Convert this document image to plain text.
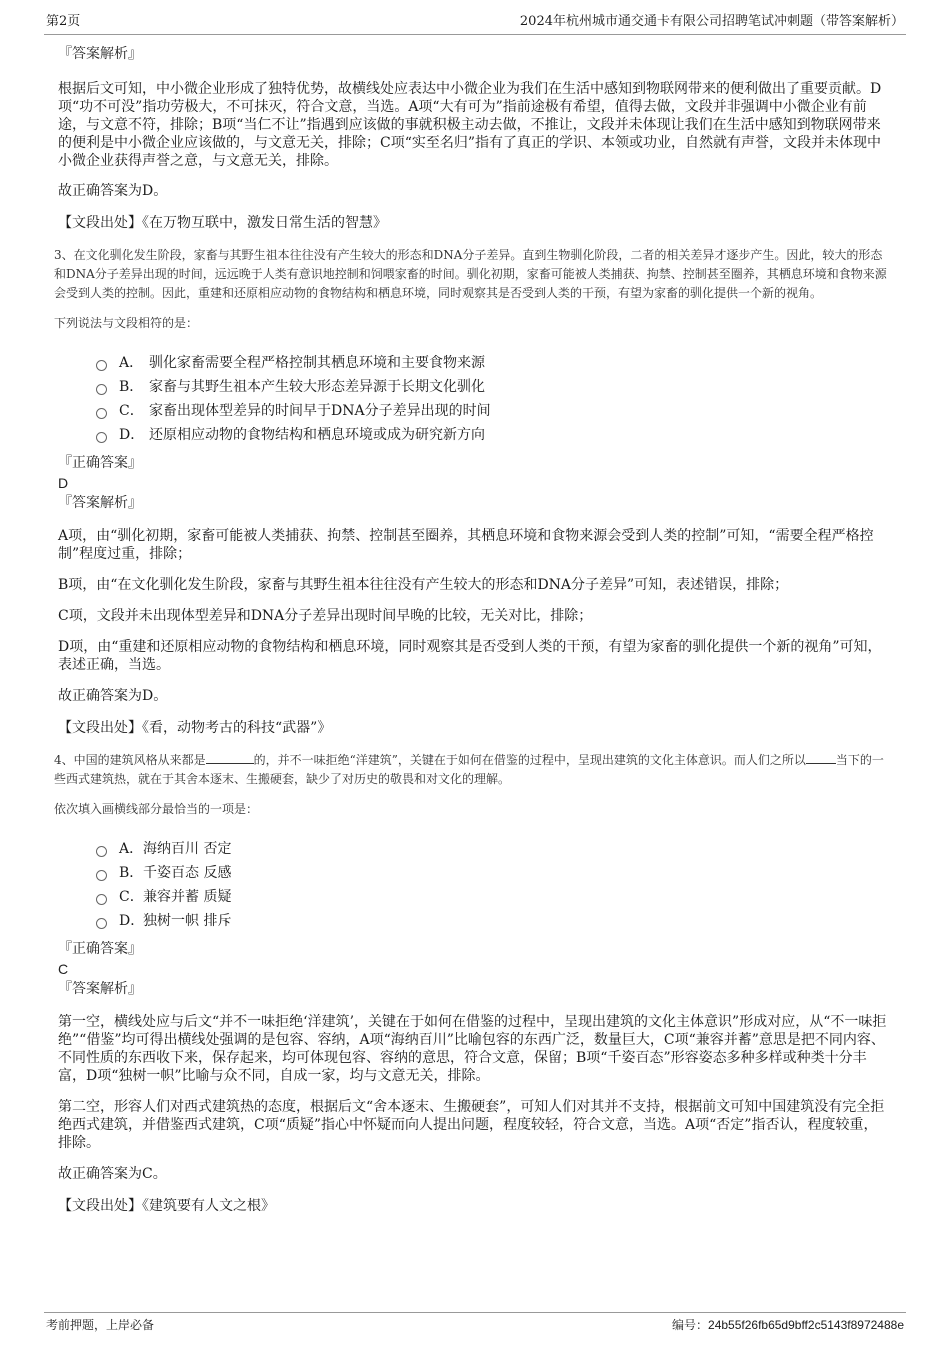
第2页	2024年杭州城市通交通卡有限公司招聘笔试冲刺题（带答案解析）
『答案解析』

根据后文可知，中小微企业形成了独特优势，故横线处应表达中小微企业为我们在生活中感知到物联网带来的便利做出了重要贡献。D项“功不可没”指功劳极大，不可抹灭，符合文意，当选。A项“大有可为”指前途极有希望，值得去做，文段并非强调中小微企业有前途，与文意不符，排除；B项“当仁不让”指遇到应该做的事就积极主动去做，不推让，文段并未体现让我们在生活中感知到物联网带来的便利是中小微企业应该做的，与文意无关，排除；C项“实至名归”指有了真正的学识、本领或功业，自然就有声誉，文段并未体现中小微企业获得声誉之意，与文意无关，排除。

故正确答案为D。

【文段出处】《在万物互联中，激发日常生活的智慧》

3、在文化驯化发生阶段，家畜与其野生祖本往往没有产生较大的形态和DNA分子差异。直到生物驯化阶段，二者的相关差异才逐步产生。因此，较大的形态和DNA分子差异出现的时间，远远晚于人类有意识地控制和饲喂家畜的时间。驯化初期，家畜可能被人类捕获、拘禁、控制甚至圈养，其栖息环境和食物来源会受到人类的控制。因此，重建和还原相应动物的食物结构和栖息环境，同时观察其是否受到人类的干预，有望为家畜的驯化提供一个新的视角。

下列说法与文段相符的是：

A． 驯化家畜需要全程严格控制其栖息环境和主要食物来源
B． 家畜与其野生祖本产生较大形态差异源于长期文化驯化
C． 家畜出现体型差异的时间早于DNA分子差异出现的时间
D． 还原相应动物的食物结构和栖息环境或成为研究新方向
『正确答案』
D
『答案解析』

A项，由“驯化初期，家畜可能被人类捕获、拘禁、控制甚至圈养，其栖息环境和食物来源会受到人类的控制”可知，“需要全程严格控制”程度过重，排除；

B项，由“在文化驯化发生阶段，家畜与其野生祖本往往没有产生较大的形态和DNA分子差异”可知，表述错误，排除；

C项，文段并未出现体型差异和DNA分子差异出现时间早晚的比较，无关对比，排除；

D项，由“重建和还原相应动物的食物结构和栖息环境，同时观察其是否受到人类的干预，有望为家畜的驯化提供一个新的视角”可知，表述正确，当选。

故正确答案为D。

【文段出处】《看，动物考古的科技“武器”》

4、中国的建筑风格从来都是	的，并不一味拒绝“洋建筑”，关键在于如何在借鉴的过程中，呈现出建筑的文化主体意识。而人们之所以	当下的一些西式建筑热，就在于其舍本逐末、生搬硬套，缺少了对历史的敬畏和对文化的理解。

依次填入画横线部分最恰当的一项是：

A． 海纳百川 否定
B． 千姿百态 反感
C． 兼容并蓄 质疑
D．
独树一帜 排斥
『正确答案』
C
『答案解析』

第一空，横线处应与后文“并不一味拒绝‘洋建筑’，关键在于如何在借鉴的过程中，呈现出建筑的文化主体意识”形成对应，从“不一味拒绝”“借鉴”均可得出横线处强调的是包容、容纳，A项“海纳百川”比喻包容的东西广泛，数量巨大，C项“兼容并蓄”意思是把不同内容、不同性质的东西收下来，保存起来，均可体现包容、容纳的意思，符合文意，保留；B项“千姿百态”形容姿态多种多样或种类十分丰富，D项“独树一帜”比喻与众不同，自成一家，均与文意无关，排除。

第二空，形容人们对西式建筑热的态度，根据后文“舍本逐末、生搬硬套”，可知人们对其并不支持，根据前文可知中国建筑没有完全拒绝西式建筑，并借鉴西式建筑，C项“质疑”指心中怀疑而向人提出问题，程度较轻，符合文意，当选。A项“否定”指否认，程度较重，排除。

故正确答案为C。

【文段出处】《建筑要有人文之根》

考前押题，上岸必备	编号：24b55f26fb65d9bff2c5143f8972488e
